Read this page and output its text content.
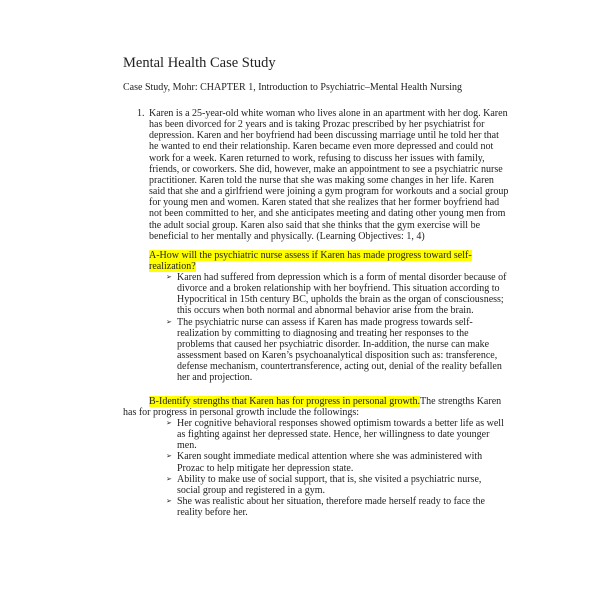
Mental Health Case Study
Case Study, Mohr: CHAPTER 1, Introduction to Psychiatric–Mental Health Nursing
1. Karen is a 25-year-old white woman who lives alone in an apartment with her dog. Karen
has been divorced for 2 years and is taking Prozac prescribed by her psychiatrist for
depression. Karen and her boyfriend had been discussing marriage until he told her that
he wanted to end their relationship. Karen became even more depressed and could not
work for a week. Karen returned to work, refusing to discuss her issues with family,
friends, or coworkers. She did, however, make an appointment to see a psychiatric nurse
practitioner. Karen told the nurse that she was making some changes in her life. Karen
said that she and a girlfriend were joining a gym program for workouts and a social group
for young men and women. Karen stated that she realizes that her former boyfriend had
not been committed to her, and she anticipates meeting and dating other young men from
the adult social group. Karen also said that she thinks that the gym exercise will be
beneficial to her mentally and physically. (Learning Objectives: 1, 4)
A-How will the psychiatric nurse assess if Karen has made progress toward self-
realization?
➢ Karen had suffered from depression which is a form of mental disorder because of
divorce and a broken relationship with her boyfriend. This situation according to
Hypocritical in 15th century BC, upholds the brain as the organ of consciousness;
this occurs when both normal and abnormal behavior arise from the brain.
➢ The psychiatric nurse can assess if Karen has made progress towards self-
realization by committing to diagnosing and treating her responses to the
problems that caused her psychiatric disorder. In-addition, the nurse can make
assessment based on Karen’s psychoanalytical disposition such as: transference,
defense mechanism, countertransference, acting out, denial of the reality befallen
her and projection.
B-Identify strengths that Karen has for progress in personal growth.The strengths Karen
has for progress in personal growth include the followings:
➢ Her cognitive behavioral responses showed optimism towards a better life as well
as fighting against her depressed state. Hence, her willingness to date younger
men.
➢ Karen sought immediate medical attention where she was administered with
Prozac to help mitigate her depression state.
➢ Ability to make use of social support, that is, she visited a psychiatric nurse,
social group and registered in a gym.
➢ She was realistic about her situation, therefore made herself ready to face the
reality before her.
